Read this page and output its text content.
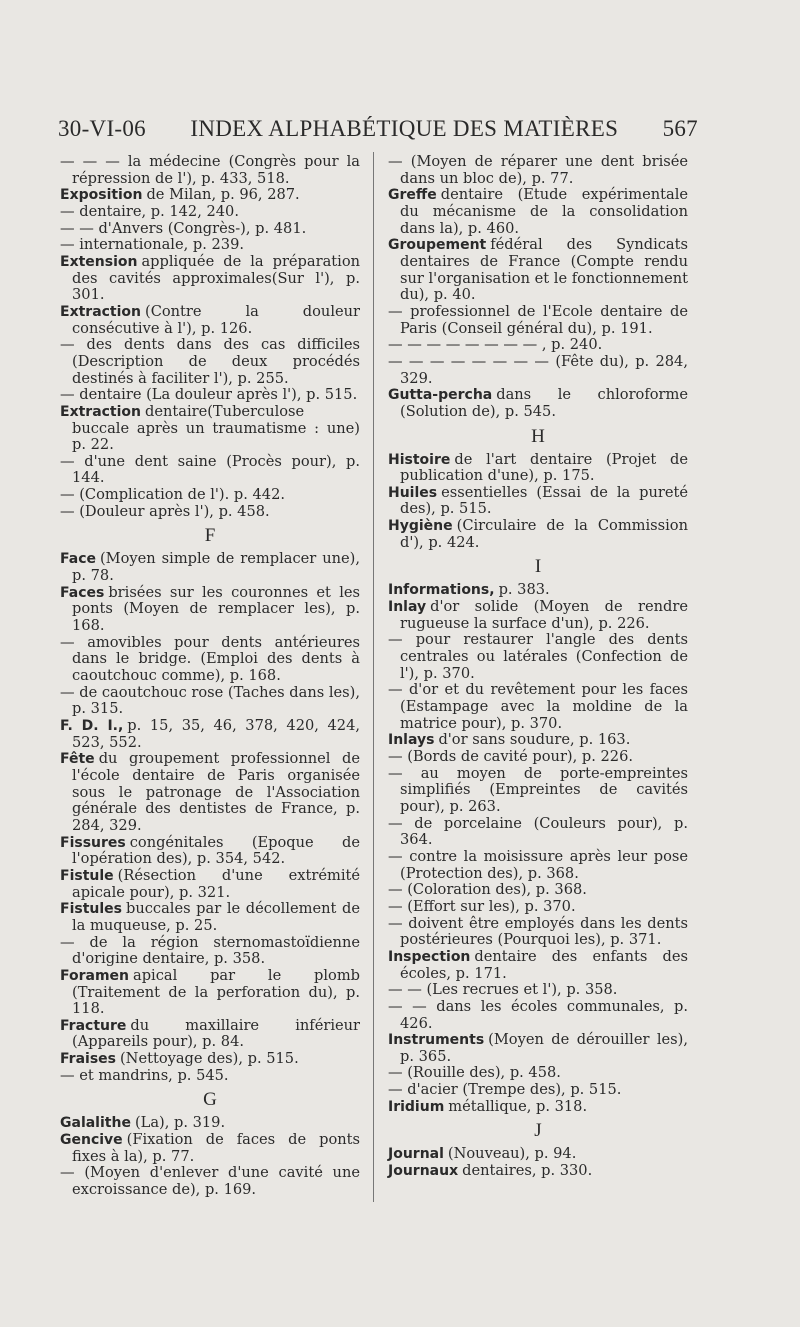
30-VI-06 INDEX ALPHABÉTIQUE DES MATIÈRES 567

— — — la médecine (Congrès pour la répression de l'), p. 433, 518.

Exposition de Milan, p. 96, 287.

— dentaire, p. 142, 240.

— — d'Anvers (Congrès-), p. 481.

— internationale, p. 239.

Extension appliquée de la préparation des cavités approximales(Sur l'), p. 301.

Extraction (Contre la douleur consécutive à l'), p. 126.

— des dents dans des cas difficiles (Description de deux procédés destinés à faciliter l'), p. 255.

— dentaire (La douleur après l'), p. 515.

Extraction dentaire(Tuberculose buccale après un traumatisme : une) p. 22.

— d'une dent saine (Procès pour), p. 144.

— (Complication de l'). p. 442.

— (Douleur après l'), p. 458.

F

Face (Moyen simple de remplacer une), p. 78.

Faces brisées sur les couronnes et les ponts (Moyen de remplacer les), p. 168.

— amovibles pour dents antérieures dans le bridge. (Emploi des dents à caoutchouc comme), p. 168.

— de caoutchouc rose (Taches dans les), p. 315.

F. D. I., p. 15, 35, 46, 378, 420, 424, 523, 552.

Fête du groupement professionnel de l'école dentaire de Paris organisée sous le patronage de l'Association générale des dentistes de France, p. 284, 329.

Fissures congénitales (Epoque de l'opération des), p. 354, 542.

Fistule (Résection d'une extrémité apicale pour), p. 321.

Fistules buccales par le décollement de la muqueuse, p. 25.

— de la région sternomastoïdienne d'origine dentaire, p. 358.

Foramen apical par le plomb (Traitement de la perforation du), p. 118.

Fracture du maxillaire inférieur (Appareils pour), p. 84.

Fraises (Nettoyage des), p. 515.

— et mandrins, p. 545.

G

Galalithe (La), p. 319.

Gencive (Fixation de faces de ponts fixes à la), p. 77.

— (Moyen d'enlever d'une cavité une excroissance de), p. 169.

— (Moyen de réparer une dent brisée dans un bloc de), p. 77.

Greffe dentaire (Etude expérimentale du mécanisme de la consolidation dans la), p. 460.

Groupement fédéral des Syndicats dentaires de France (Compte rendu sur l'organisation et le fonctionnement du), p. 40.

— professionnel de l'Ecole dentaire de Paris (Conseil général du), p. 191.

— — — — — — — — , p. 240.

— — — — — — — — (Fête du), p. 284, 329.

Gutta-percha dans le chloroforme (Solution de), p. 545.

H

Histoire de l'art dentaire (Projet de publication d'une), p. 175.

Huiles essentielles (Essai de la pureté des), p. 515.

Hygiène (Circulaire de la Commission d'), p. 424.

I

Informations, p. 383.

Inlay d'or solide (Moyen de rendre rugueuse la surface d'un), p. 226.

— pour restaurer l'angle des dents centrales ou latérales (Confection de l'), p. 370.

— d'or et du revêtement pour les faces (Estampage avec la moldine de la matrice pour), p. 370.

Inlays d'or sans soudure, p. 163.

— (Bords de cavité pour), p. 226.

— au moyen de porte-empreintes simplifiés (Empreintes de cavités pour), p. 263.

— de porcelaine (Couleurs pour), p. 364.

— contre la moisissure après leur pose (Protection des), p. 368.

— (Coloration des), p. 368.

— (Effort sur les), p. 370.

— doivent être employés dans les dents postérieures (Pourquoi les), p. 371.

Inspection dentaire des enfants des écoles, p. 171.

— — (Les recrues et l'), p. 358.

— — dans les écoles communales, p. 426.

Instruments (Moyen de dérouiller les), p. 365.

— (Rouille des), p. 458.

— d'acier (Trempe des), p. 515.

Iridium métallique, p. 318.

J

Journal (Nouveau), p. 94.

Journaux dentaires, p. 330.
